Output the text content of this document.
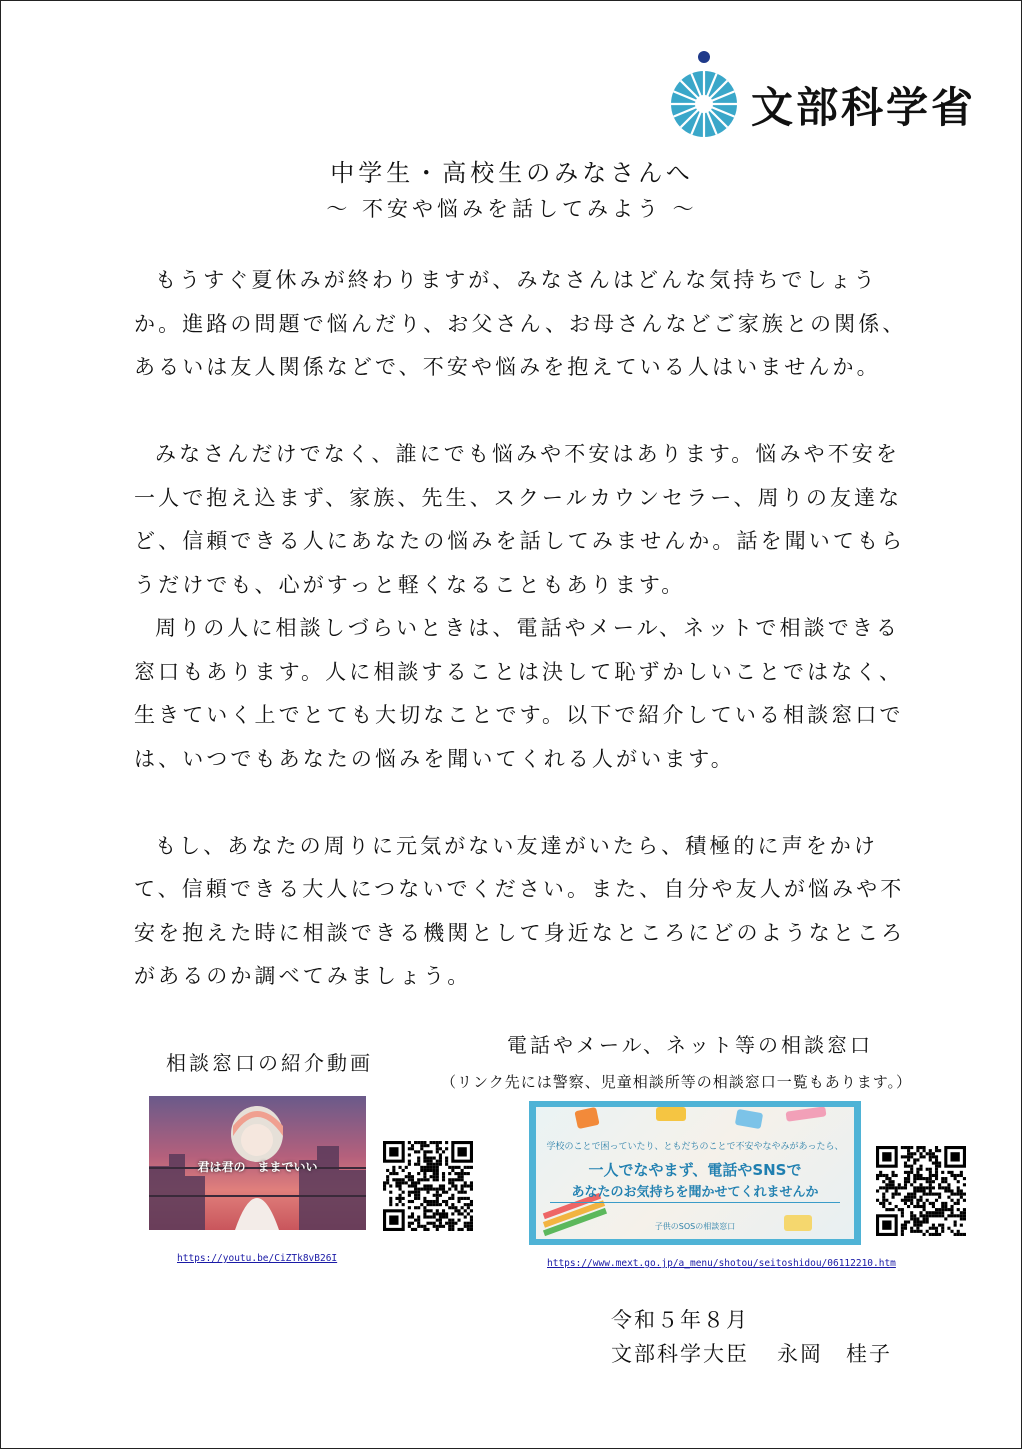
文部科学省
中学生・高校生のみなさんへ
〜 不安や悩みを話してみよう 〜

もうすぐ夏休みが終わりますが、みなさんはどんな気持ちでしょうか。進路の問題で悩んだり、お父さん、お母さんなどご家族との関係、あるいは友人関係などで、不安や悩みを抱えている人はいませんか。

みなさんだけでなく、誰にでも悩みや不安はあります。悩みや不安を一人で抱え込まず、家族、先生、スクールカウンセラー、周りの友達など、信頼できる人にあなたの悩みを話してみませんか。話を聞いてもらうだけでも、心がすっと軽くなることもあります。

周りの人に相談しづらいときは、電話やメール、ネットで相談できる窓口もあります。人に相談することは決して恥ずかしいことではなく、生きていく上でとても大切なことです。以下で紹介している相談窓口では、いつでもあなたの悩みを聞いてくれる人がいます。

もし、あなたの周りに元気がない友達がいたら、積極的に声をかけて、信頼できる大人につないでください。また、自分や友人が悩みや不安を抱えた時に相談できる機関として身近なところにどのようなところがあるのか調べてみましょう。

相談窓口の紹介動画
君は君の　ままでいい
https://youtu.be/CiZTk8vB26I
電話やメール、ネット等の相談窓口
（リンク先には警察、児童相談所等の相談窓口一覧もあります。）
学校のことで困っていたり、ともだちのことで不安やなやみがあったら、
一人でなやまず、電話やSNSで
あなたのお気持ちを聞かせてくれませんか
子供のSOSの相談窓口
https://www.mext.go.jp/a_menu/shotou/seitoshidou/06112210.htm
令和５年８月
文部科学大臣 永岡　桂子
